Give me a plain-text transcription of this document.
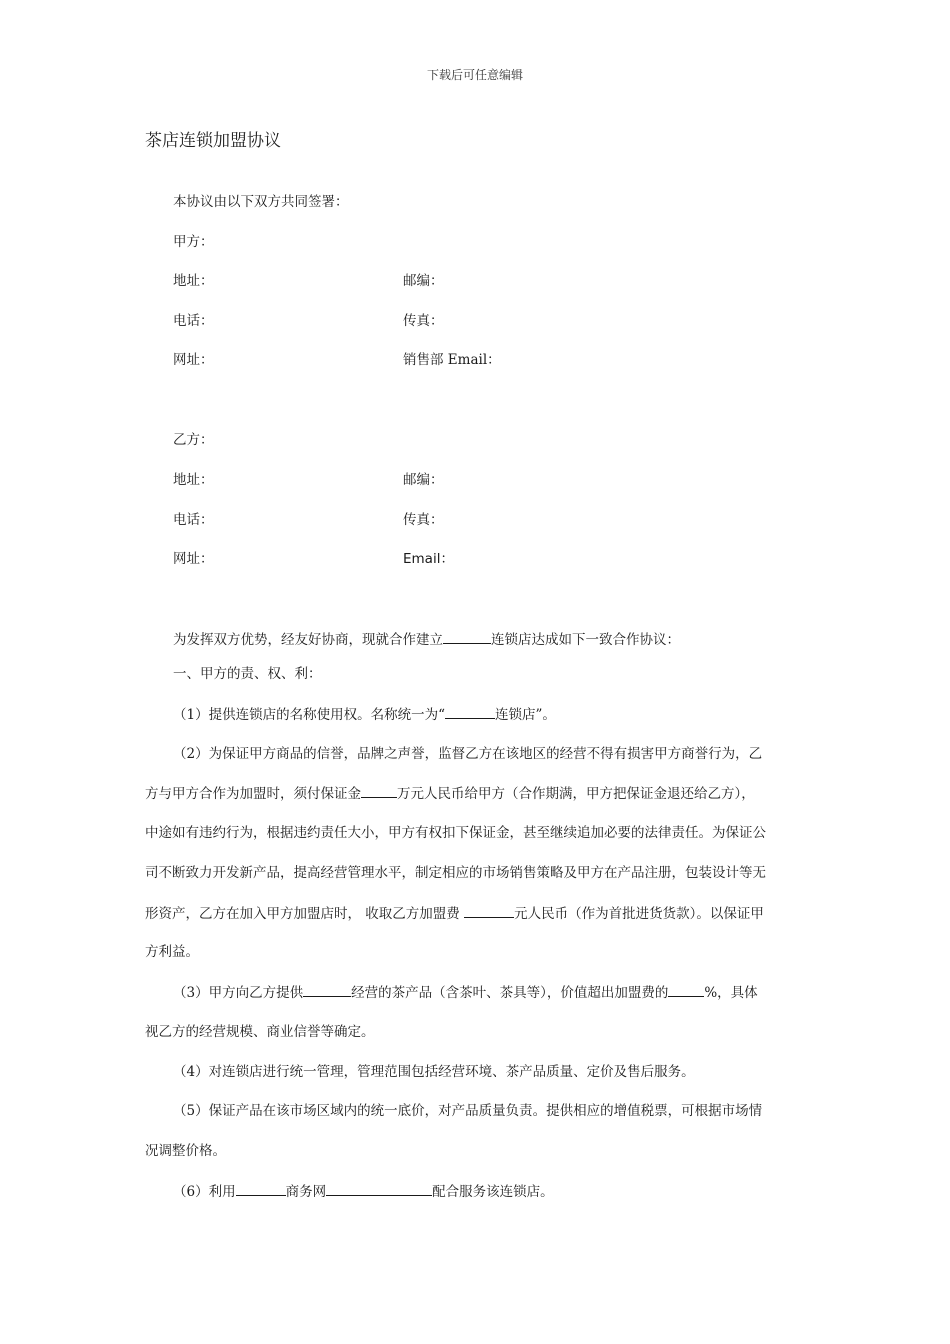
下载后可任意编辑
茶店连锁加盟协议
本协议由以下双方共同签署：
甲方：
地址：	邮编：
电话：	传真：
网址：	销售部 Email：
乙方：
地址：	邮编：
电话：	传真：
网址：	Email：
为发挥双方优势，经友好协商，现就合作建立	连锁店达成如下一致合作协议：
一、甲方的责、权、利：
（1）提供连锁店的名称使用权。名称统一为“	连锁店”。
（2）为保证甲方商品的信誉，品牌之声誉，监督乙方在该地区的经营不得有损害甲方商誉行为，乙
方与甲方合作为加盟时，须付保证金	万元人民币给甲方（合作期满，甲方把保证金退还给乙方），
中途如有违约行为，根据违约责任大小，甲方有权扣下保证金，甚至继续追加必要的法律责任。为保证公
司不断致力开发新产品，提高经营管理水平，制定相应的市场销售策略及甲方在产品注册，包装设计等无
形资产，乙方在加入甲方加盟店时， 收取乙方加盟费	元人民币（作为首批进货货款）。以保证甲
方利益。
（3）甲方向乙方提供	经营的茶产品（含茶叶、茶具等），价值超出加盟费的	%，具体
视乙方的经营规模、商业信誉等确定。
（4）对连锁店进行统一管理，管理范围包括经营环境、茶产品质量、定价及售后服务。
（5）保证产品在该市场区域内的统一底价，对产品质量负责。提供相应的增值税票，可根据市场情
况调整价格。
（6）利用	商务网	配合服务该连锁店。
